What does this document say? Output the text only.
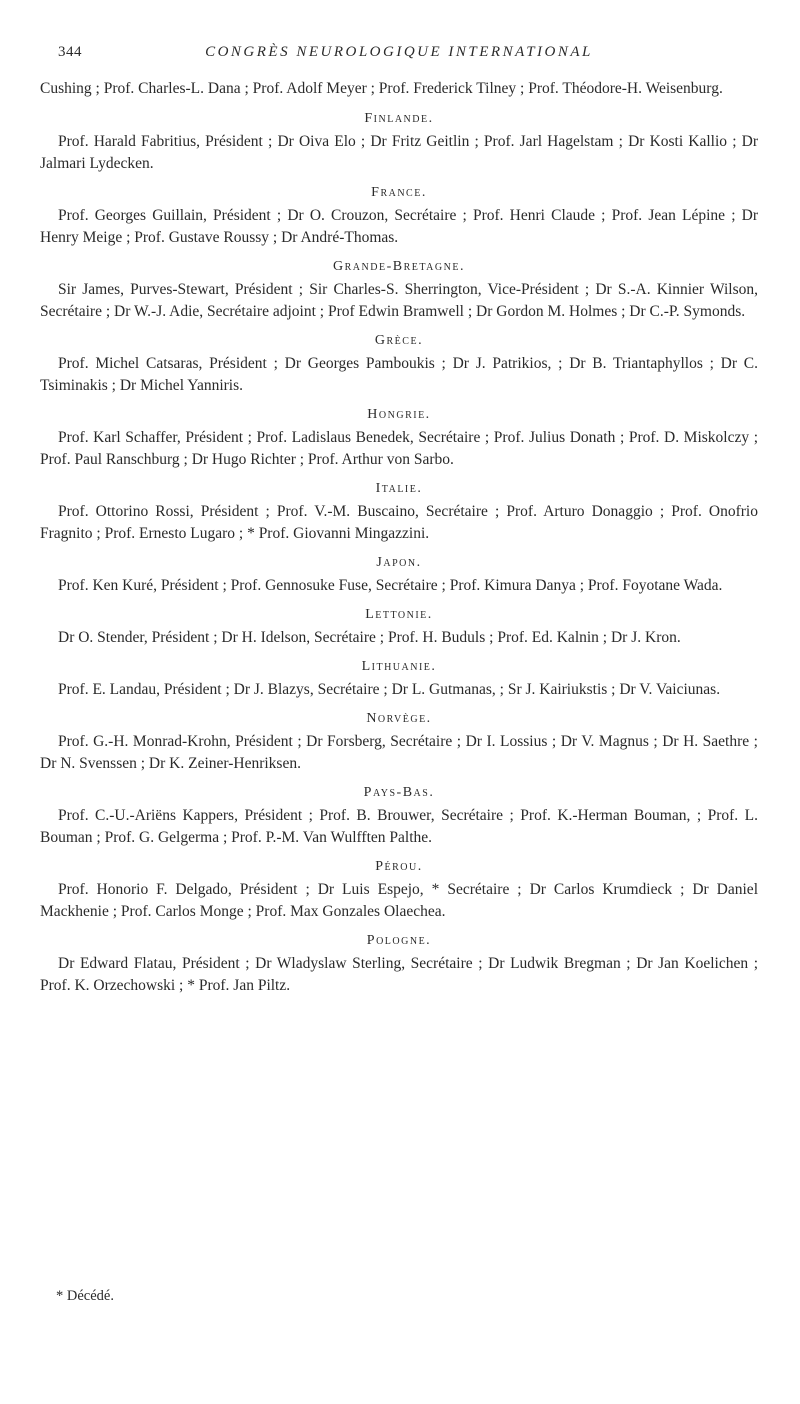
344	CONGRÈS NEUROLOGIQUE INTERNATIONAL

Cushing ; Prof. Charles-L. Dana ; Prof. Adolf Meyer ; Prof. Frederick Tilney ; Prof. Théodore-H. Weisenburg.

Finlande.

Prof. Harald Fabritius, Président ; Dr Oiva Elo ; Dr Fritz Geitlin ; Prof. Jarl Hagelstam ; Dr Kosti Kallio ; Dr Jalmari Lydecken.

France.

Prof. Georges Guillain, Président ; Dr O. Crouzon, Secrétaire ; Prof. Henri Claude ; Prof. Jean Lépine ; Dr Henry Meige ; Prof. Gustave Roussy ; Dr André-Thomas.

Grande-Bretagne.

Sir James, Purves-Stewart, Président ; Sir Charles-S. Sherrington, Vice-Président ; Dr S.-A. Kinnier Wilson, Secrétaire ; Dr W.-J. Adie, Secrétaire adjoint ; Prof Edwin Bramwell ; Dr Gordon M. Holmes ; Dr C.-P. Symonds.

Grèce.

Prof. Michel Catsaras, Président ; Dr Georges Pamboukis ; Dr J. Patrikios, ; Dr B. Triantaphyllos ; Dr C. Tsiminakis ; Dr Michel Yanniris.

Hongrie.

Prof. Karl Schaffer, Président ; Prof. Ladislaus Benedek, Secrétaire ; Prof. Julius Donath ; Prof. D. Miskolczy ; Prof. Paul Ranschburg ; Dr Hugo Richter ; Prof. Arthur von Sarbo.

Italie.

Prof. Ottorino Rossi, Président ; Prof. V.-M. Buscaino, Secrétaire ; Prof. Arturo Donaggio ; Prof. Onofrio Fragnito ; Prof. Ernesto Lugaro ; * Prof. Giovanni Mingazzini.

Japon.

Prof. Ken Kuré, Président ; Prof. Gennosuke Fuse, Secrétaire ; Prof. Kimura Danya ; Prof. Foyotane Wada.

Lettonie.

Dr O. Stender, Président ; Dr H. Idelson, Secrétaire ; Prof. H. Buduls ; Prof. Ed. Kalnin ; Dr J. Kron.

Lithuanie.

Prof. E. Landau, Président ; Dr J. Blazys, Secrétaire ; Dr L. Gutmanas, ; Sr J. Kairiukstis ; Dr V. Vaiciunas.

Norvège.

Prof. G.-H. Monrad-Krohn, Président ; Dr Forsberg, Secrétaire ; Dr I. Lossius ; Dr V. Magnus ; Dr H. Saethre ; Dr N. Svenssen ; Dr K. Zeiner-Henriksen.

Pays-Bas.

Prof. C.-U.-Ariëns Kappers, Président ; Prof. B. Brouwer, Secrétaire ; Prof. K.-Herman Bouman, ; Prof. L. Bouman ; Prof. G. Gelgerma ; Prof. P.-M. Van Wulfften Palthe.

Pérou.

Prof. Honorio F. Delgado, Président ; Dr Luis Espejo, * Secrétaire ; Dr Carlos Krumdieck ; Dr Daniel Mackhenie ; Prof. Carlos Monge ; Prof. Max Gonzales Olaechea.

Pologne.

Dr Edward Flatau, Président ; Dr Wladyslaw Sterling, Secrétaire ; Dr Ludwik Bregman ; Dr Jan Koelichen ; Prof. K. Orzechowski ; * Prof. Jan Piltz.

* Décédé.
